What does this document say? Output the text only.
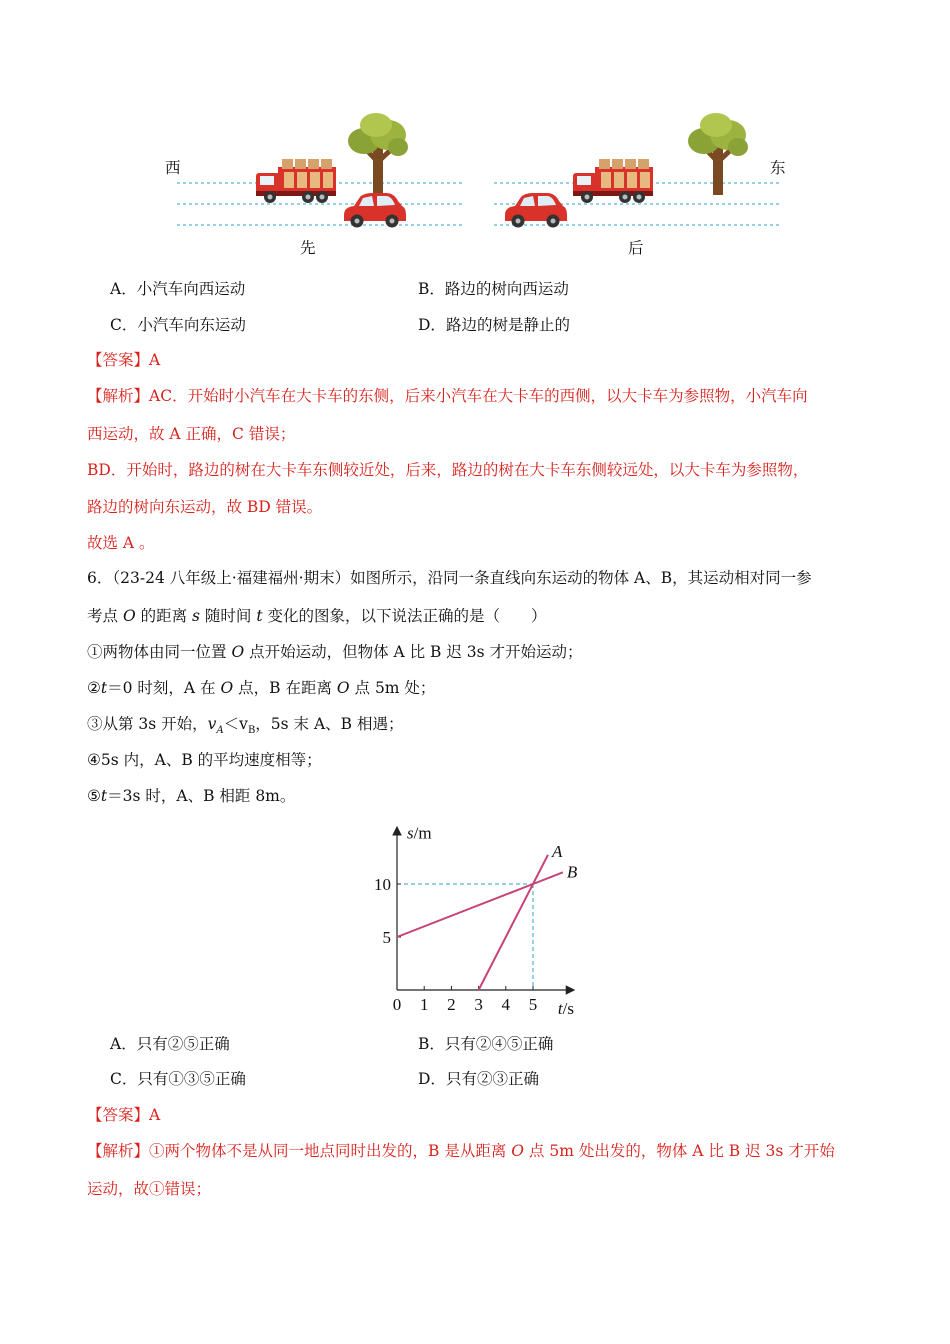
西	东
先	后
A．小汽车向西运动	B．路边的树向西运动
C．小汽车向东运动	D．路边的树是静止的
【答案】A
【解析】AC．开始时小汽车在大卡车的东侧，后来小汽车在大卡车的西侧，以大卡车为参照物，小汽车向
西运动，故 A 正确，C 错误；
BD．开始时，路边的树在大卡车东侧较近处，后来，路边的树在大卡车东侧较远处，以大卡车为参照物，
路边的树向东运动，故 BD 错误。
故选 A 。
6．（23-24 八年级上·福建福州·期末）如图所示，沿同一条直线向东运动的物体 A、B，其运动相对同一参
考点 O 的距离 s 随时间 t 变化的图象，以下说法正确的是（　　）
①两物体由同一位置 O 点开始运动，但物体 A 比 B 迟 3s 才开始运动；
②t＝0 时刻，A 在 O 点，B 在距离 O 点 5m 处；
③从第 3s 开始，$v_A<v_B$，5s 末 A、B 相遇；
④5s 内，A、B 的平均速度相等；
⑤t＝3s 时，A、B 相距 8m。
0 1 2 3 4 5
5
10
s/m
t/s
A
B
A．只有②⑤正确	B．只有②④⑤正确
C．只有①③⑤正确	D．只有②③正确
【答案】A
【解析】①两个物体不是从同一地点同时出发的，B 是从距离 O 点 5m 处出发的，物体 A 比 B 迟 3s 才开始
运动，故①错误；
